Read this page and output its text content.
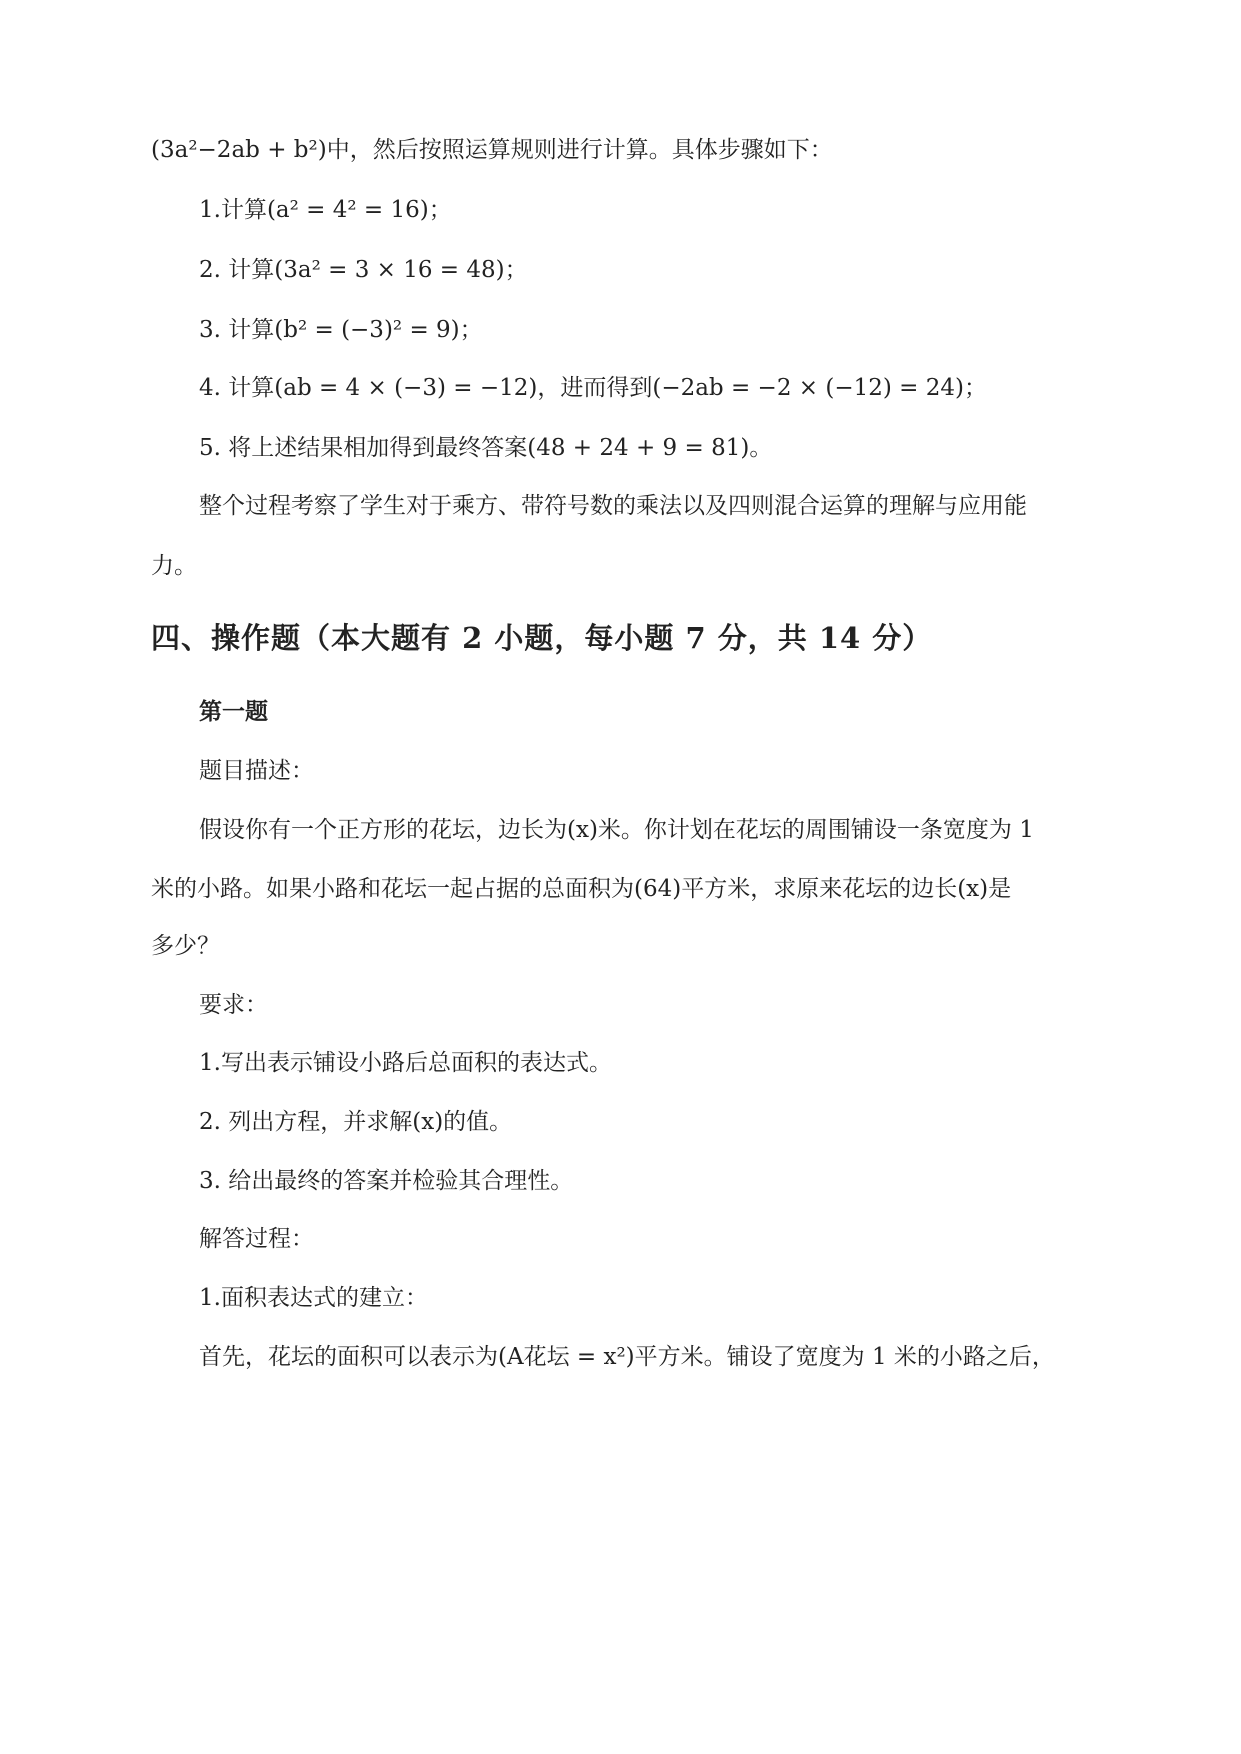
(3a²−2ab + b²)中，然后按照运算规则进行计算。具体步骤如下：
1.计算(a² = 4² = 16)；
2. 计算(3a² = 3 × 16 = 48)；
3. 计算(b² = (−3)² = 9)；
4. 计算(ab = 4 × (−3) = −12)，进而得到(−2ab = −2 × (−12) = 24)；
5. 将上述结果相加得到最终答案(48 + 24 + 9 = 81)。
整个过程考察了学生对于乘方、带符号数的乘法以及四则混合运算的理解与应用能
力。
四、操作题（本大题有 2 小题，每小题 7 分，共 14 分）
第一题
题目描述：
假设你有一个正方形的花坛，边长为(x)米。你计划在花坛的周围铺设一条宽度为 1
米的小路。如果小路和花坛一起占据的总面积为(64)平方米，求原来花坛的边长(x)是
多少？
要求：
1.写出表示铺设小路后总面积的表达式。
2. 列出方程，并求解(x)的值。
3. 给出最终的答案并检验其合理性。
解答过程：
1.面积表达式的建立：
首先，花坛的面积可以表示为(A花坛 = x²)平方米。铺设了宽度为 1 米的小路之后，
